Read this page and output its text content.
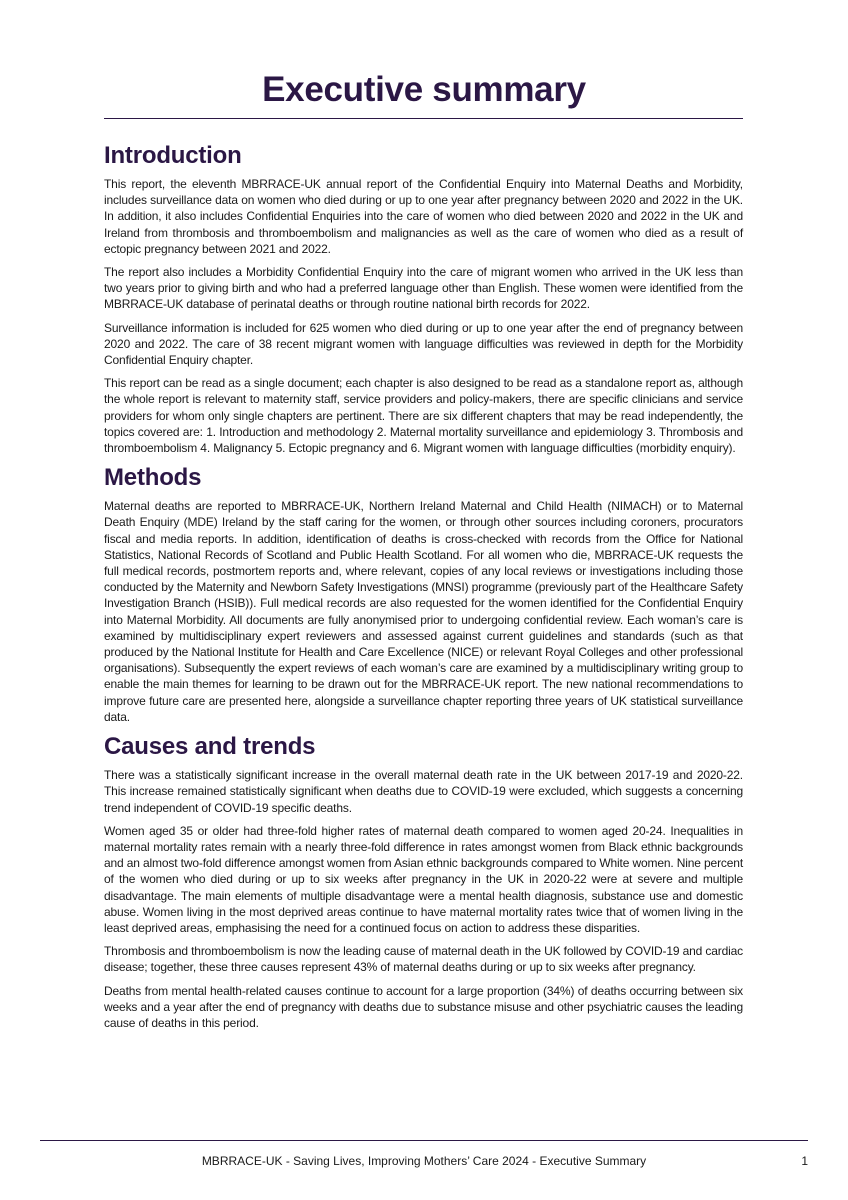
Executive summary
Introduction

This report, the eleventh MBRRACE-UK annual report of the Confidential Enquiry into Maternal Deaths and Morbidity, includes surveillance data on women who died during or up to one year after pregnancy between 2020 and 2022 in the UK. In addition, it also includes Confidential Enquiries into the care of women who died between 2020 and 2022 in the UK and Ireland from thrombosis and thromboembolism and malignancies as well as the care of women who died as a result of ectopic pregnancy between 2021 and 2022.

The report also includes a Morbidity Confidential Enquiry into the care of migrant women who arrived in the UK less than two years prior to giving birth and who had a preferred language other than English. These women were identified from the MBRRACE-UK database of perinatal deaths or through routine national birth records for 2022.

Surveillance information is included for 625 women who died during or up to one year after the end of pregnancy between 2020 and 2022. The care of 38 recent migrant women with language difficulties was reviewed in depth for the Morbidity Confidential Enquiry chapter.

This report can be read as a single document; each chapter is also designed to be read as a standalone report as, although the whole report is relevant to maternity staff, service providers and policy-makers, there are specific clinicians and service providers for whom only single chapters are pertinent. There are six different chapters that may be read independently, the topics covered are: 1. Introduction and methodology 2. Maternal mortality surveillance and epidemiology 3. Thrombosis and thromboembolism 4. Malignancy 5. Ectopic pregnancy and 6. Migrant women with language difficulties (morbidity enquiry).

Methods

Maternal deaths are reported to MBRRACE-UK, Northern Ireland Maternal and Child Health (NIMACH) or to Maternal Death Enquiry (MDE) Ireland by the staff caring for the women, or through other sources including coroners, procurators fiscal and media reports. In addition, identification of deaths is cross-checked with records from the Office for National Statistics, National Records of Scotland and Public Health Scotland. For all women who die, MBRRACE-UK requests the full medical records, postmortem reports and, where relevant, copies of any local reviews or investigations including those conducted by the Maternity and Newborn Safety Investigations (MNSI) programme (previously part of the Healthcare Safety Investigation Branch (HSIB)). Full medical records are also requested for the women identified for the Confidential Enquiry into Maternal Morbidity. All documents are fully anonymised prior to undergoing confidential review. Each woman’s care is examined by multidisciplinary expert reviewers and assessed against current guidelines and standards (such as that produced by the National Institute for Health and Care Excellence (NICE) or relevant Royal Colleges and other professional organisations). Subsequently the expert reviews of each woman’s care are examined by a multidisciplinary writing group to enable the main themes for learning to be drawn out for the MBRRACE-UK report. The new national recommendations to improve future care are presented here, alongside a surveillance chapter reporting three years of UK statistical surveillance data.

Causes and trends

There was a statistically significant increase in the overall maternal death rate in the UK between 2017-19 and 2020-22. This increase remained statistically significant when deaths due to COVID-19 were excluded, which suggests a concerning trend independent of COVID-19 specific deaths.

Women aged 35 or older had three-fold higher rates of maternal death compared to women aged 20-24. Inequalities in maternal mortality rates remain with a nearly three-fold difference in rates amongst women from Black ethnic backgrounds and an almost two-fold difference amongst women from Asian ethnic backgrounds compared to White women. Nine percent of the women who died during or up to six weeks after pregnancy in the UK in 2020-22 were at severe and multiple disadvantage. The main elements of multiple disadvantage were a mental health diagnosis, substance use and domestic abuse. Women living in the most deprived areas continue to have maternal mortality rates twice that of women living in the least deprived areas, emphasising the need for a continued focus on action to address these disparities.

Thrombosis and thromboembolism is now the leading cause of maternal death in the UK followed by COVID-19 and cardiac disease; together, these three causes represent 43% of maternal deaths during or up to six weeks after pregnancy.

Deaths from mental health-related causes continue to account for a large proportion (34%) of deaths occurring between six weeks and a year after the end of pregnancy with deaths due to substance misuse and other psychiatric causes the leading cause of deaths in this period.

MBRRACE-UK - Saving Lives, Improving Mothers’ Care 2024 - Executive Summary	1
